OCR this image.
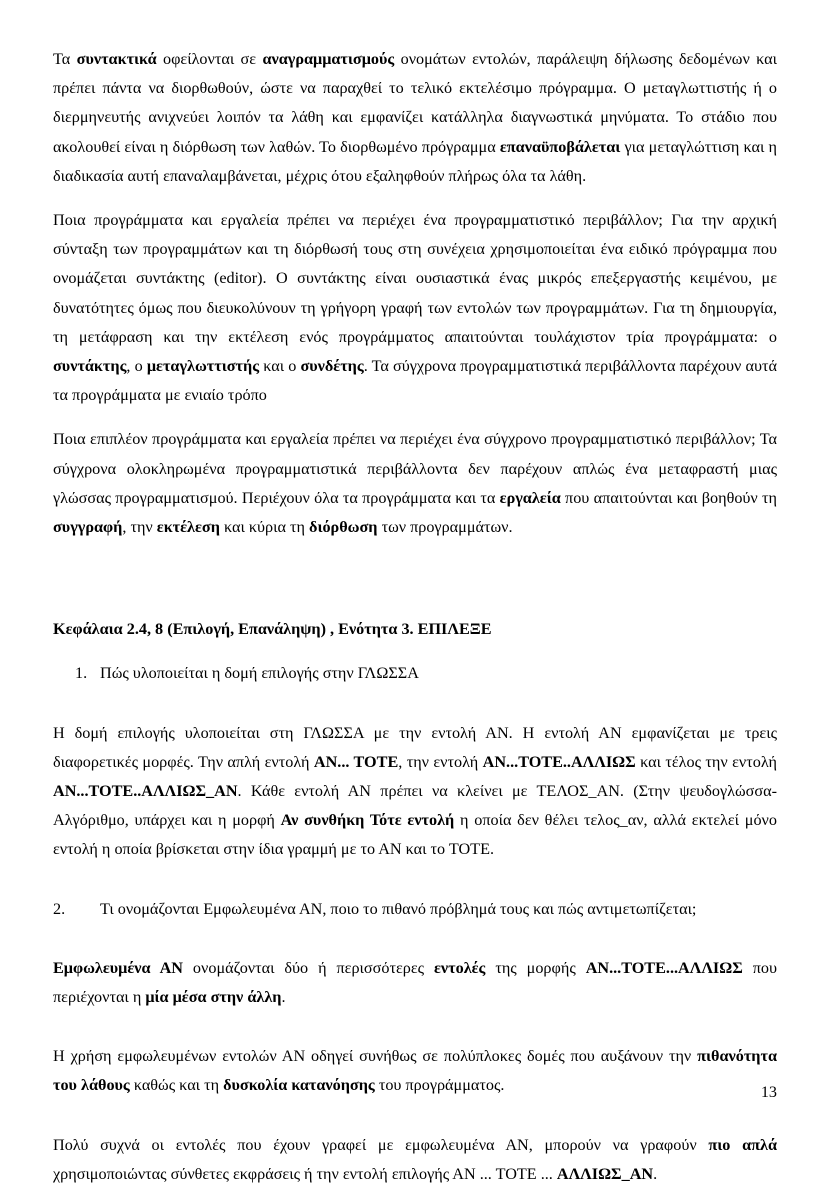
Τα συντακτικά οφείλονται σε αναγραμματισμούς ονομάτων εντολών, παράλειψη δήλωσης δεδομένων και πρέπει πάντα να διορθωθούν, ώστε να παραχθεί το τελικό εκτελέσιμο πρόγραμμα. Ο μεταγλωττιστής ή ο διερμηνευτής ανιχνεύει λοιπόν τα λάθη και εμφανίζει κατάλληλα διαγνωστικά μηνύματα. Το στάδιο που ακολουθεί είναι η διόρθωση των λαθών. Το διορθωμένο πρόγραμμα επαναϋποβάλεται για μεταγλώττιση και η διαδικασία αυτή επαναλαμβάνεται, μέχρις ότου εξαληφθούν πλήρως όλα τα λάθη.

Ποια προγράμματα και εργαλεία πρέπει να περιέχει ένα προγραμματιστικό περιβάλλον; Για την αρχική σύνταξη των προγραμμάτων και τη διόρθωσή τους στη συνέχεια χρησιμοποιείται ένα ειδικό πρόγραμμα που ονομάζεται συντάκτης (editor). Ο συντάκτης είναι ουσιαστικά ένας μικρός επεξεργαστής κειμένου, με δυνατότητες όμως που διευκολύνουν τη γρήγορη γραφή των εντολών των προγραμμάτων. Για τη δημιουργία, τη μετάφραση και την εκτέλεση ενός προγράμματος απαιτούνται τουλάχιστον τρία προγράμματα: ο συντάκτης, ο μεταγλωττιστής και ο συνδέτης. Τα σύγχρονα προγραμματιστικά περιβάλλοντα παρέχουν αυτά τα προγράμματα με ενιαίο τρόπο

Ποια επιπλέον προγράμματα και εργαλεία πρέπει να περιέχει ένα σύγχρονο προγραμματιστικό περιβάλλον; Τα σύγχρονα ολοκληρωμένα προγραμματιστικά περιβάλλοντα δεν παρέχουν απλώς ένα μεταφραστή μιας γλώσσας προγραμματισμού. Περιέχουν όλα τα προγράμματα και τα εργαλεία που απαιτούνται και βοηθούν τη συγγραφή, την εκτέλεση και κύρια τη διόρθωση των προγραμμάτων.

Κεφάλαια 2.4, 8 (Επιλογή, Επανάληψη) , Ενότητα 3. ΕΠΙΛΕΞΕ

1. Πώς υλοποιείται η δομή επιλογής στην ΓΛΩΣΣΑ

Η δομή επιλογής υλοποιείται στη ΓΛΩΣΣΑ με την εντολή ΑΝ. Η εντολή ΑΝ εμφανίζεται με τρεις διαφορετικές μορφές. Την απλή εντολή ΑΝ... ΤΟΤΕ, την εντολή ΑΝ...ΤΟΤΕ..ΑΛΛΙΩΣ και τέλος την εντολή ΑΝ...ΤΟΤΕ..ΑΛΛΙΩΣ_ΑΝ. Κάθε εντολή ΑΝ πρέπει να κλείνει με ΤΕΛΟΣ_ΑΝ. (Στην ψευδογλώσσα-Αλγόριθμο, υπάρχει και η μορφή Αν συνθήκη Τότε εντολή η οποία δεν θέλει τελος_αν, αλλά εκτελεί μόνο εντολή η οποία βρίσκεται στην ίδια γραμμή με το ΑΝ και το ΤΟΤΕ.

2.	Τι ονομάζονται Εμφωλευμένα ΑΝ, ποιο το πιθανό πρόβλημά τους και πώς αντιμετωπίζεται;

Εμφωλευμένα ΑΝ ονομάζονται δύο ή περισσότερες εντολές της μορφής ΑΝ...ΤΟΤΕ...ΑΛΛΙΩΣ που περιέχονται η μία μέσα στην άλλη.

Η χρήση εμφωλευμένων εντολών ΑΝ οδηγεί συνήθως σε πολύπλοκες δομές που αυξάνουν την πιθανότητα του λάθους καθώς και τη δυσκολία κατανόησης του προγράμματος.

Πολύ συχνά οι εντολές που έχουν γραφεί με εμφωλευμένα ΑΝ, μπορούν να γραφούν πιο απλά χρησιμοποιώντας σύνθετες εκφράσεις ή την εντολή επιλογής ΑΝ ... ΤΟΤΕ ... ΑΛΛΙΩΣ_ΑΝ.

13
